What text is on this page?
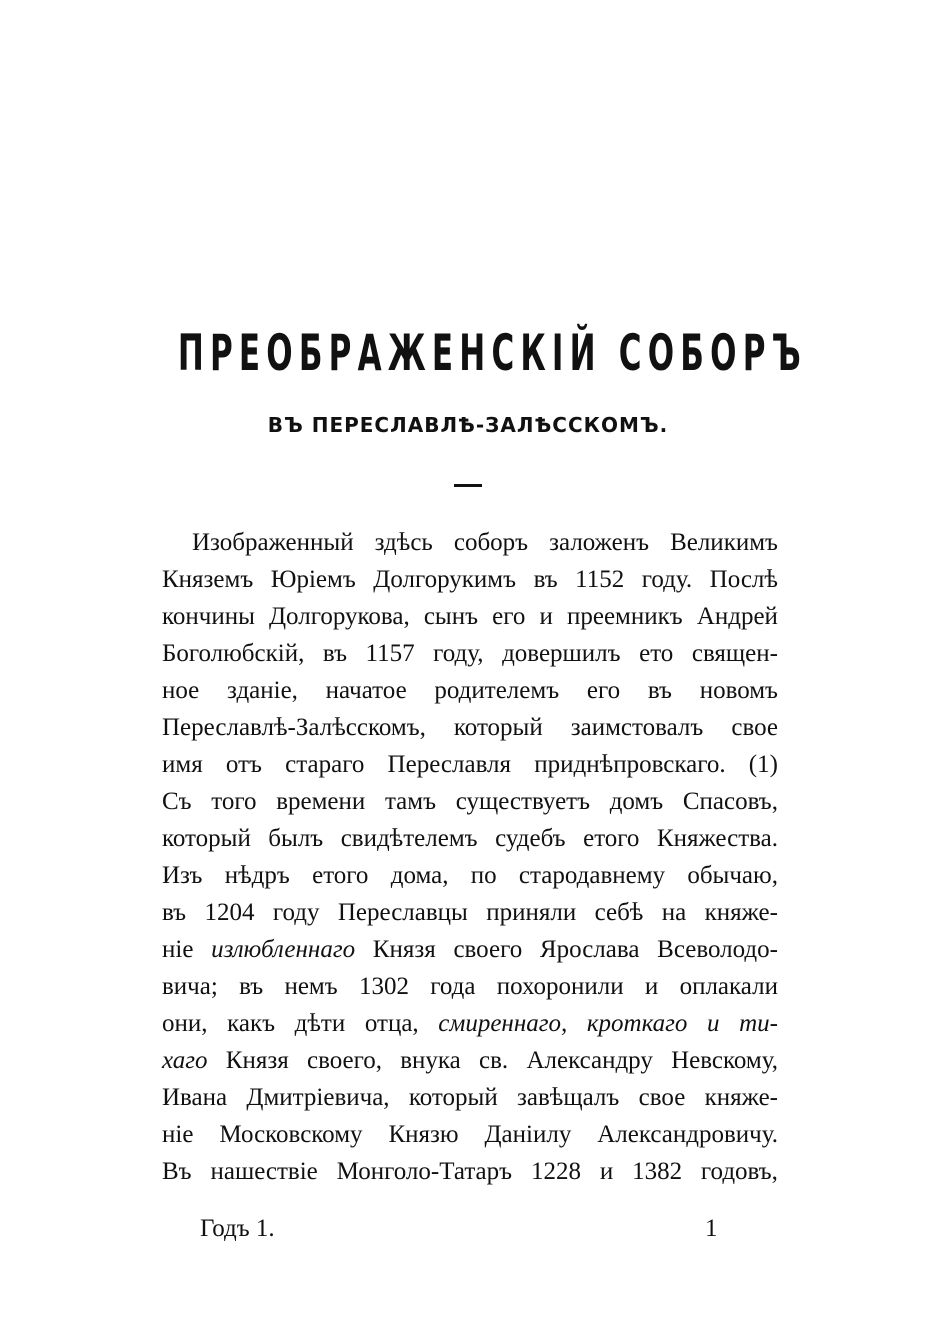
ПРЕОБРАЖЕНСКІЙ СОБОРЪ
ВЪ ПЕРЕСЛАВЛѢ-ЗАЛѢССКОМЪ.
Изображенный здѣсь соборъ заложенъ Великимъ
Княземъ Юріемъ Долгорукимъ въ 1152 году. Послѣ
кончины Долгорукова, сынъ его и преемникъ Андрей
Боголюбскій, въ 1157 году, довершилъ ето священ-
ное зданіе, начатое родителемъ его въ новомъ
Переславлѣ-Залѣсскомъ, который заимстовалъ свое
имя отъ стараго Переславля приднѣпровскаго. (1)
Съ того времени тамъ существуетъ домъ Спасовъ,
который былъ свидѣтелемъ судебъ етого Княжества.
Изъ нѣдръ етого дома, по стародавнему обычаю,
въ 1204 году Переславцы приняли себѣ на княже-
ніе излюбленнаго Князя своего Ярослава Всеволодо-
вича; въ немъ 1302 года похоронили и оплакали
они, какъ дѣти отца, смиреннаго, кроткаго и ти-
хаго Князя своего, внука св. Александру Невскому,
Ивана Дмитріевича, который завѣщалъ свое княже-
ніе Московскому Князю Даніилу Александровичу.
Въ нашествіе Монголо-Татаръ 1228 и 1382 годовъ,
Годъ 1.	1
